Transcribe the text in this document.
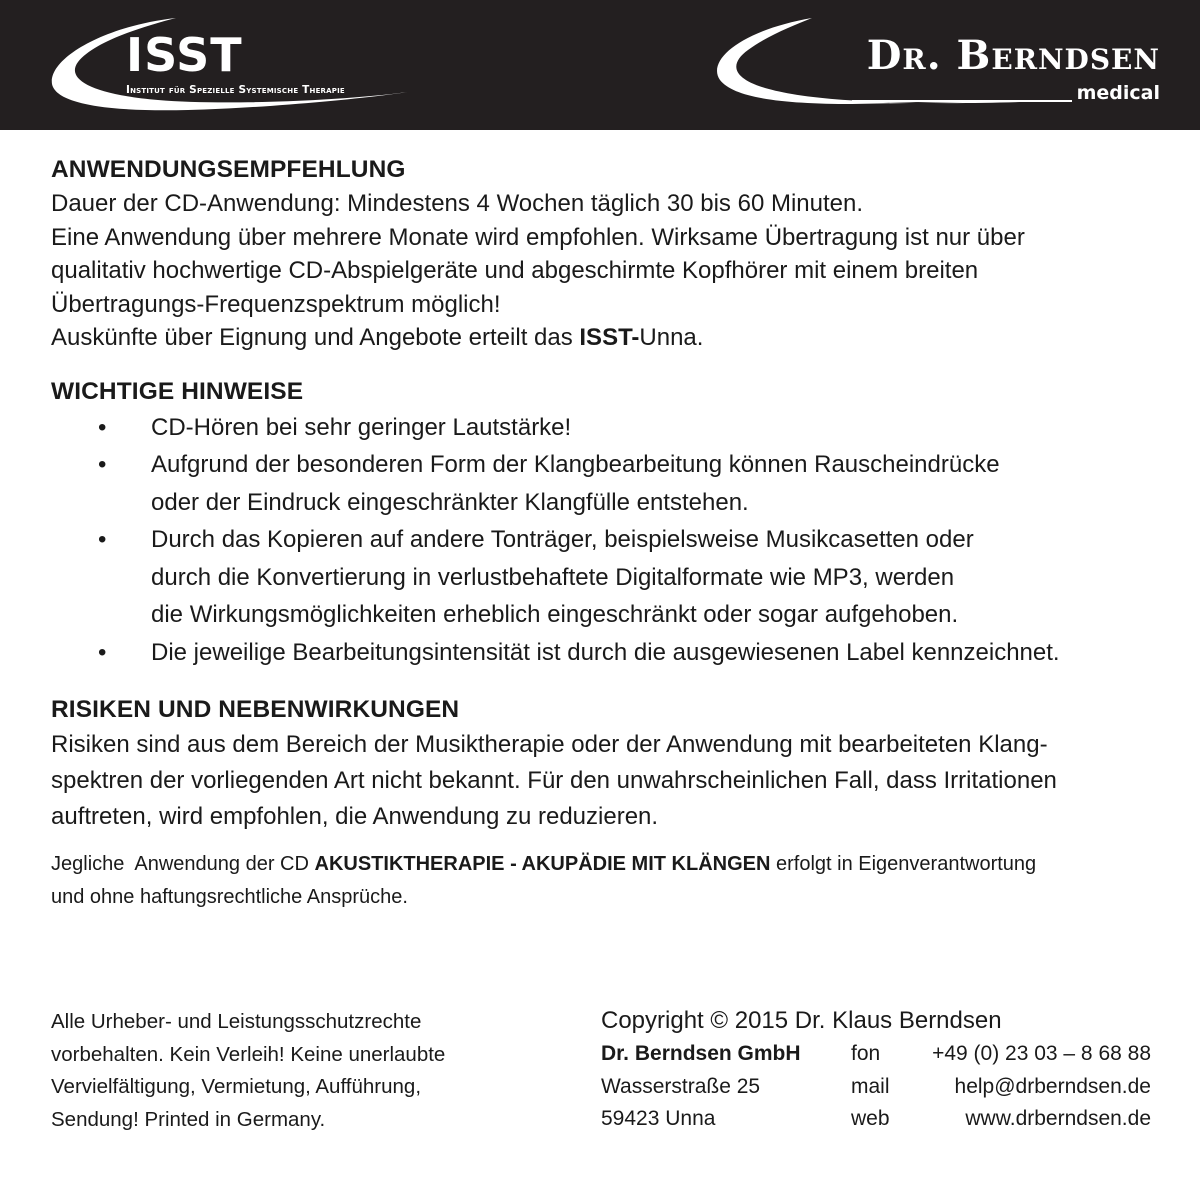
ISST
Institut für Spezielle Systemische Therapie
Dr. Berndsen
medical
ANWENDUNGSEMPFEHLUNG

Dauer der CD-Anwendung: Mindestens 4 Wochen täglich 30 bis 60 Minuten.

Eine Anwendung über mehrere Monate wird empfohlen. Wirksame Übertragung ist nur über

qualitativ hochwertige CD-Abspielgeräte und abgeschirmte Kopfhörer mit einem breiten

Übertragungs-Frequenzspektrum möglich!

Auskünfte über Eignung und Angebote erteilt das ISST-Unna.

WICHTIGE HINWEISE
• CD-Hören bei sehr geringer Lautstärke!
• Aufgrund der besonderen Form der Klangbearbeitung können Rauscheindrücke
oder der Eindruck eingeschränkter Klangfülle entstehen.
• Durch das Kopieren auf andere Tonträger, beispielsweise Musikcasetten oder
durch die Konvertierung in verlustbehaftete Digitalformate wie MP3, werden
die Wirkungsmöglichkeiten erheblich eingeschränkt oder sogar aufgehoben.
• Die jeweilige Bearbeitungsintensität ist durch die ausgewiesenen Label kennzeichnet.
RISIKEN UND NEBENWIRKUNGEN

Risiken sind aus dem Bereich der Musiktherapie oder der Anwendung mit bearbeiteten Klang-

spektren der vorliegenden Art nicht bekannt. Für den unwahrscheinlichen Fall, dass Irritationen

auftreten, wird empfohlen, die Anwendung zu reduzieren.

Jegliche  Anwendung der CD AKUSTIKTHERAPIE - AKUPÄDIE MIT KLÄNGEN erfolgt in Eigenverantwortung
und ohne haftungsrechtliche Ansprüche.
Alle Urheber- und Leistungsschutzrechte
vorbehalten. Kein Verleih! Keine unerlaubte
Vervielfältigung, Vermietung, Aufführung,
Sendung! Printed in Germany.
Copyright © 2015 Dr. Klaus Berndsen
Dr. Berndsen GmbH fon +49 (0) 23 03 – 8 68 88
Wasserstraße 25	mail	help@drberndsen.de
59423 Unna	web	www.drberndsen.de
